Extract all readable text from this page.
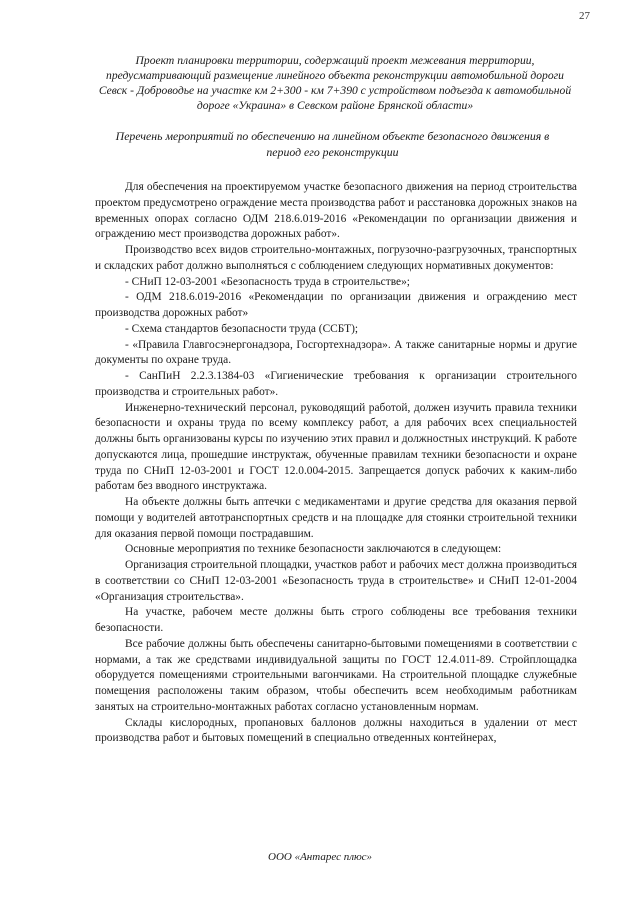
27
Проект планировки территории, содержащий проект межевания территории, предусматривающий размещение линейного объекта реконструкции автомобильной дороги Севск - Доброводье на участке км 2+300 - км 7+390 с устройством подъезда к автомобильной дороге «Украина» в Севском районе Брянской области»
Перечень мероприятий по обеспечению на линейном объекте безопасного движения в период его реконструкции

Для обеспечения на проектируемом участке безопасного движения на период строительства проектом предусмотрено ограждение места производства работ и расстановка дорожных знаков на временных опорах согласно ОДМ 218.6.019-2016 «Рекомендации по организации движения и ограждению мест производства дорожных работ».

Производство всех видов строительно-монтажных, погрузочно-разгрузочных, транспортных и складских работ должно выполняться с соблюдением следующих нормативных документов:

- СНиП 12-03-2001 «Безопасность труда в строительстве»;

- ОДМ 218.6.019-2016 «Рекомендации по организации движения и ограждению мест производства дорожных работ»

- Схема стандартов безопасности труда (ССБТ);

- «Правила Главгосэнергонадзора, Госгортехнадзора». А также санитарные нормы и другие документы по охране труда.

- СанПиН 2.2.3.1384-03 «Гигиенические требования к организации строительного производства и строительных работ».

Инженерно-технический персонал, руководящий работой, должен изучить правила техники безопасности и охраны труда по всему комплексу работ, а для рабочих всех специальностей должны быть организованы курсы по изучению этих правил и должностных инструкций. К работе допускаются лица, прошедшие инструктаж, обученные правилам техники безопасности и охране труда по СНиП 12-03-2001 и ГОСТ 12.0.004-2015. Запрещается допуск рабочих к каким-либо работам без вводного инструктажа.

На объекте должны быть аптечки с медикаментами и другие средства для оказания первой помощи у водителей автотранспортных средств и на площадке для стоянки строительной техники для оказания первой помощи пострадавшим.

Основные мероприятия по технике безопасности заключаются в следующем:

Организация строительной площадки, участков работ и рабочих мест должна производиться в соответствии со СНиП 12-03-2001 «Безопасность труда в строительстве» и СНиП 12-01-2004 «Организация строительства».

На участке, рабочем месте должны быть строго соблюдены все требования техники безопасности.

Все рабочие должны быть обеспечены санитарно-бытовыми помещениями в соответствии с нормами, а так же средствами индивидуальной защиты по ГОСТ 12.4.011-89. Стройплощадка оборудуется помещениями строительными вагончиками. На строительной площадке служебные помещения расположены таким образом, чтобы обеспечить всем необходимым работникам занятых на строительно-монтажных работах согласно установленным нормам.

Склады кислородных, пропановых баллонов должны находиться в удалении от мест производства работ и бытовых помещений в специально отведенных контейнерах,

ООО «Антарес плюс»
